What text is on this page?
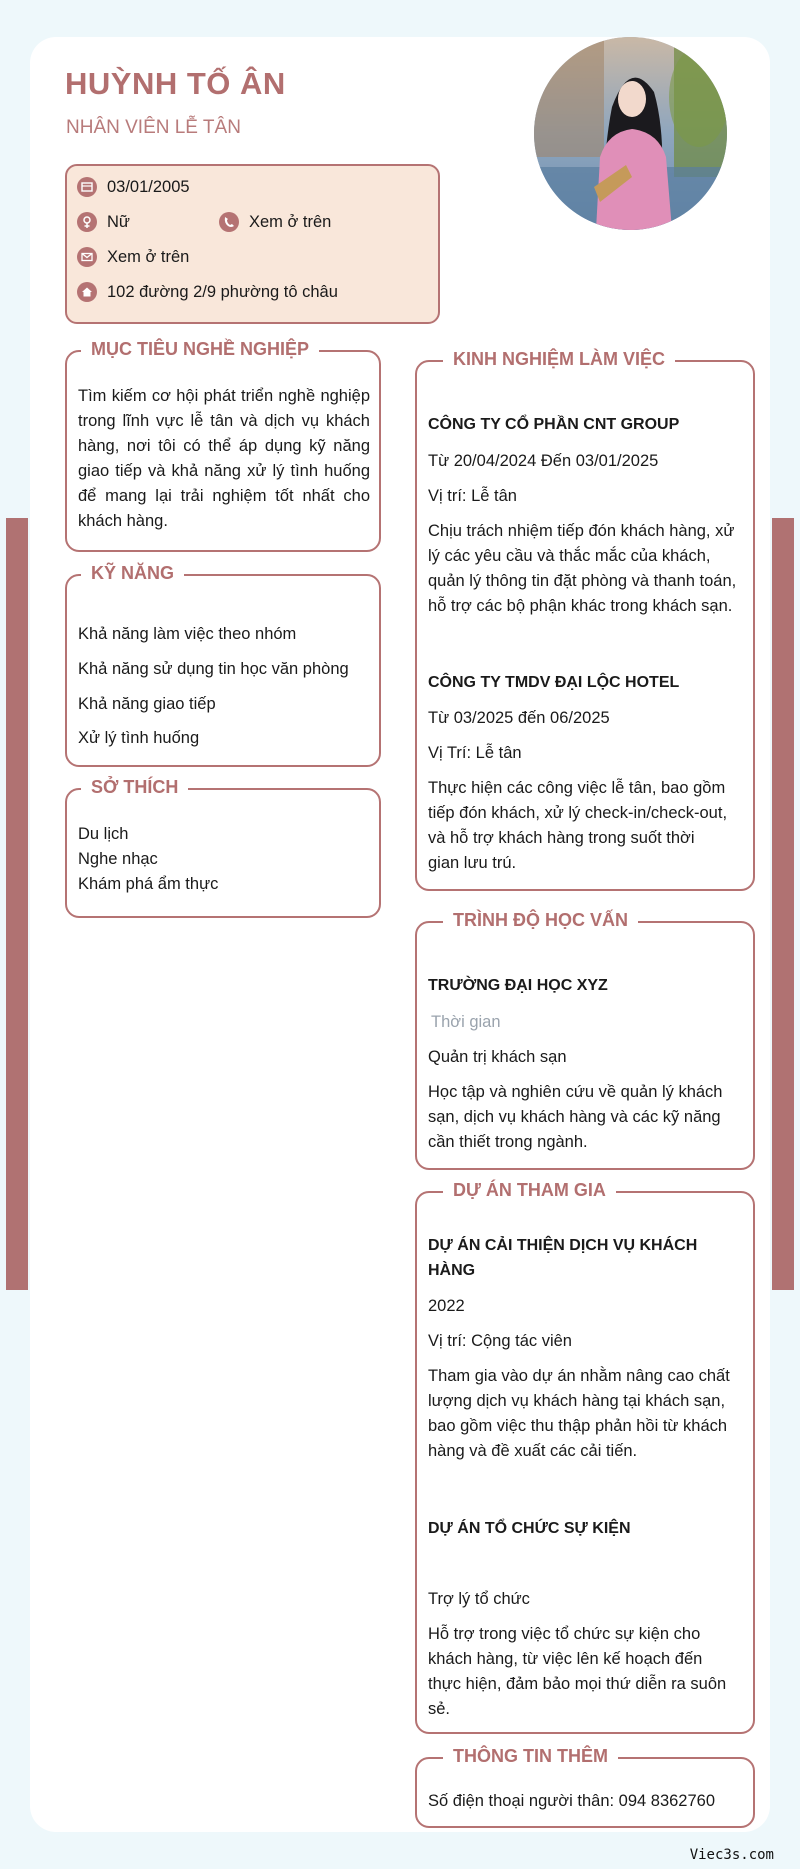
HUỲNH TỐ ÂN
NHÂN VIÊN LỄ TÂN
03/01/2005
Nữ	Xem ở trên
Xem ở trên
102 đường 2/9 phường tô châu
MỤC TIÊU NGHỀ NGHIỆP
Tìm kiếm cơ hội phát triển nghề nghiệp trong lĩnh vực lễ tân và dịch vụ khách hàng, nơi tôi có thể áp dụng kỹ năng giao tiếp và khả năng xử lý tình huống để mang lại trải nghiệm tốt nhất cho khách hàng.
KỸ NĂNG
Khả năng làm việc theo nhóm
Khả năng sử dụng tin học văn phòng
Khả năng giao tiếp
Xử lý tình huống
SỞ THÍCH
Du lịch
Nghe nhạc
Khám phá ẩm thực
KINH NGHIỆM LÀM VIỆC
CÔNG TY CỔ PHẦN CNT GROUP
Từ 20/04/2024 Đến 03/01/2025
Vị trí: Lễ tân
Chịu trách nhiệm tiếp đón khách hàng, xử lý các yêu cầu và thắc mắc của khách, quản lý thông tin đặt phòng và thanh toán, hỗ trợ các bộ phận khác trong khách sạn.
CÔNG TY TMDV ĐẠI LỘC HOTEL
Từ 03/2025 đến 06/2025
Vị Trí: Lễ tân
Thực hiện các công việc lễ tân, bao gồm tiếp đón khách, xử lý check-in/check-out, và hỗ trợ khách hàng trong suốt thời gian lưu trú.
TRÌNH ĐỘ HỌC VẤN
TRƯỜNG ĐẠI HỌC XYZ
Thời gian
Quản trị khách sạn
Học tập và nghiên cứu về quản lý khách sạn, dịch vụ khách hàng và các kỹ năng cần thiết trong ngành.
DỰ ÁN THAM GIA
DỰ ÁN CẢI THIỆN DỊCH VỤ KHÁCH HÀNG
2022
Vị trí: Cộng tác viên
Tham gia vào dự án nhằm nâng cao chất lượng dịch vụ khách hàng tại khách sạn, bao gồm việc thu thập phản hồi từ khách hàng và đề xuất các cải tiến.
DỰ ÁN TỔ CHỨC SỰ KIỆN
Trợ lý tổ chức
Hỗ trợ trong việc tổ chức sự kiện cho khách hàng, từ việc lên kế hoạch đến thực hiện, đảm bảo mọi thứ diễn ra suôn sẻ.
THÔNG TIN THÊM
Số điện thoại người thân: 094 8362760
Viec3s.com
